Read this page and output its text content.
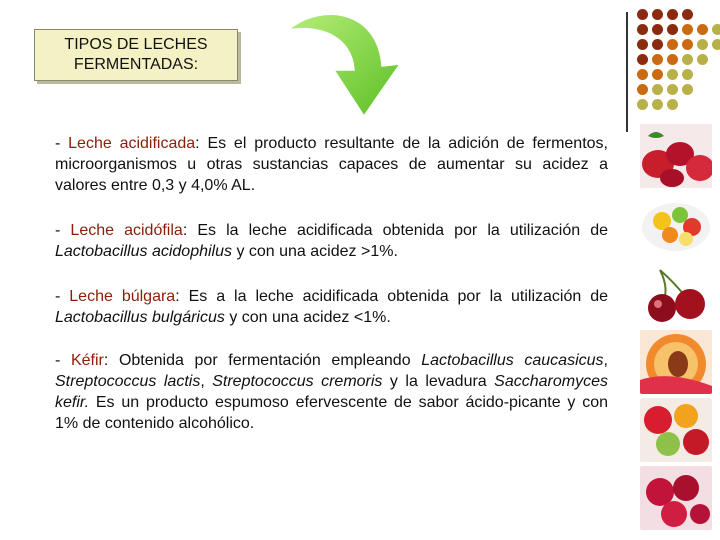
TIPOS DE LECHES
FERMENTADAS:

- Leche acidificada: Es el producto resultante de la adición de fermentos, microorganismos u otras sustancias capaces de aumentar su acidez a valores entre 0,3 y 4,0% AL.

- Leche acidófila: Es la leche acidificada obtenida por la utilización de Lactobacillus acidophilus y con una acidez >1%.

- Leche búlgara: Es a la leche acidificada obtenida por la utilización de Lactobacillus bulgáricus y con una acidez <1%.

- Kéfir: Obtenida por fermentación empleando Lactobacillus caucasicus, Streptococcus lactis, Streptococcus cremoris y la levadura Saccharomyces kefir. Es un producto espumoso efervescente de sabor ácido-picante y con 1% de contenido alcohólico.
